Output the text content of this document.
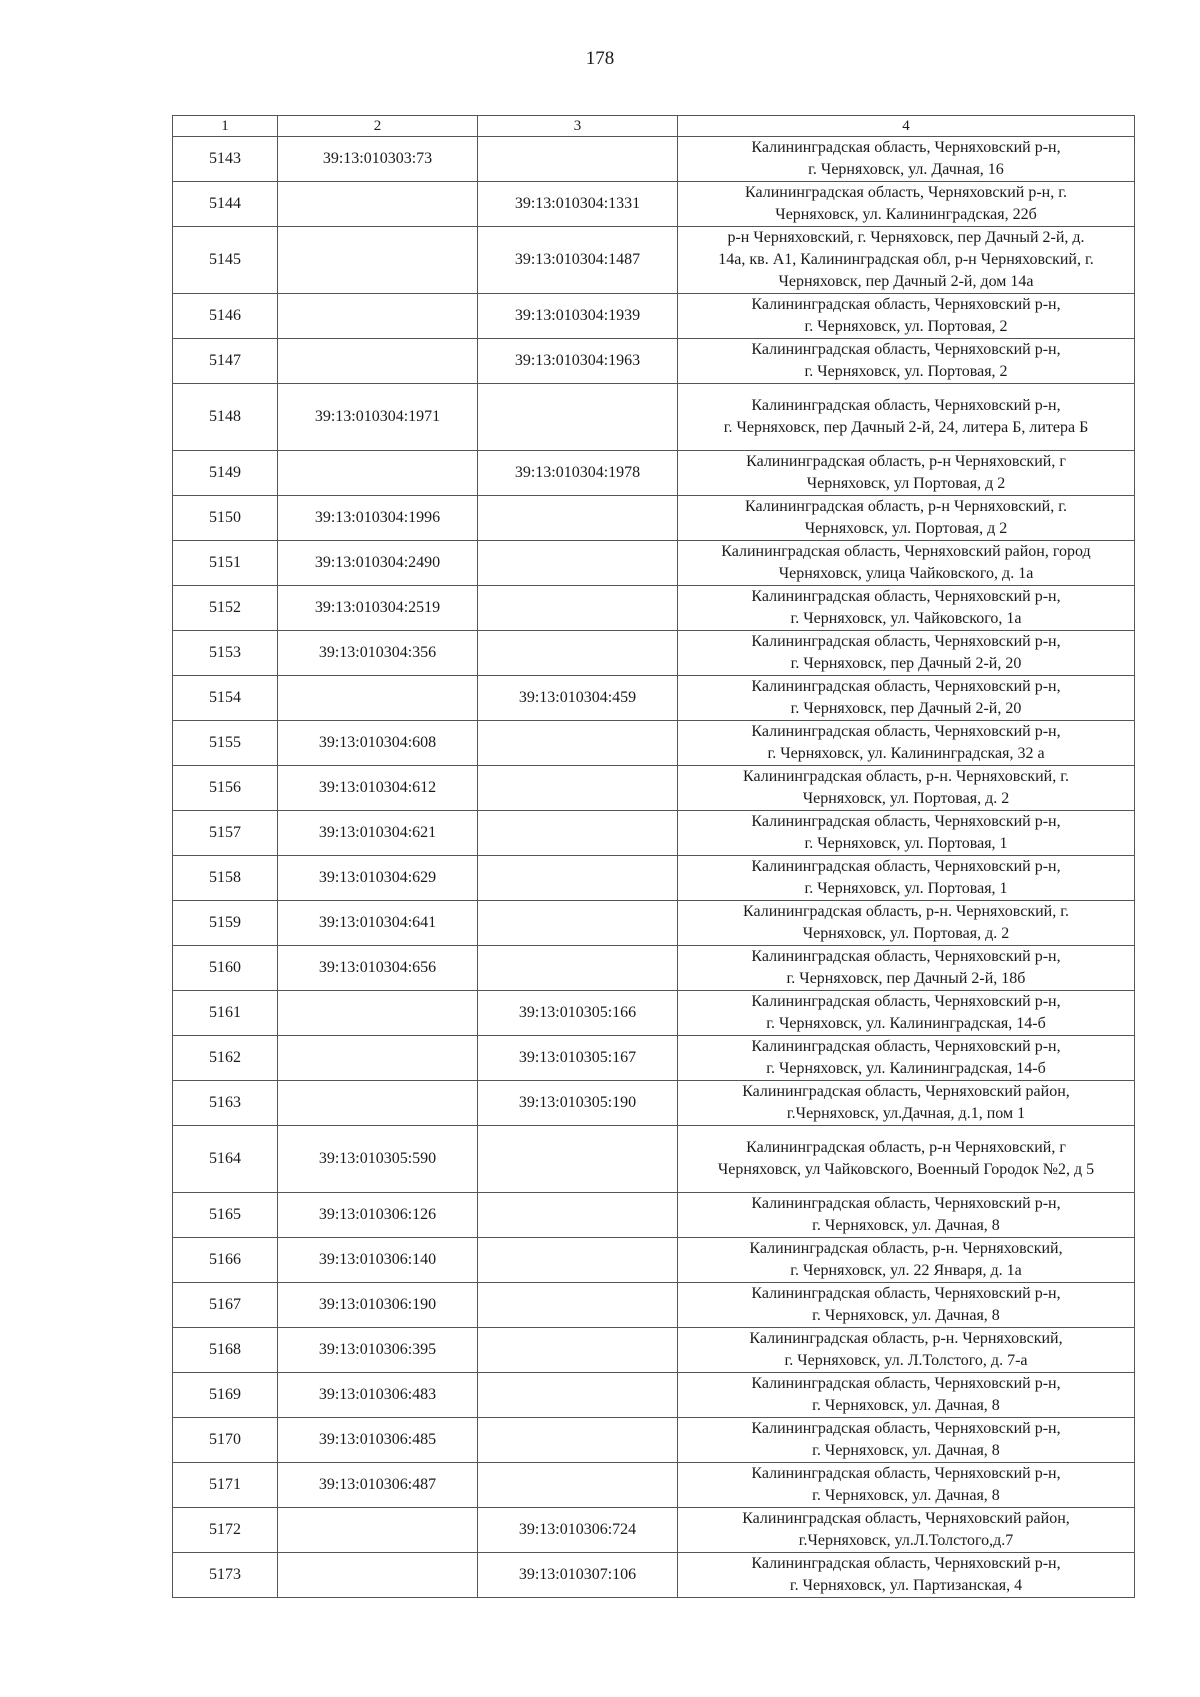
178
1	2	3	4
5143	39:13:010303:73		Калининградская область, Черняховский р-н,
г. Черняховск, ул. Дачная, 16
5144		39:13:010304:1331	Калининградская область, Черняховский р-н, г.
Черняховск, ул. Калининградская, 22б
5145		39:13:010304:1487	р-н Черняховский, г. Черняховск, пер Дачный 2-й, д.
14а, кв. А1, Калининградская обл, р-н Черняховский, г.
Черняховск, пер Дачный 2-й, дом 14а
5146		39:13:010304:1939	Калининградская область, Черняховский р-н,
г. Черняховск, ул. Портовая, 2
5147		39:13:010304:1963	Калининградская область, Черняховский р-н,
г. Черняховск, ул. Портовая, 2
5148	39:13:010304:1971		Калининградская область, Черняховский р-н,
г. Черняховск, пер Дачный 2-й, 24, литера Б, литера Б
5149		39:13:010304:1978	Калининградская область, р-н Черняховский, г
Черняховск, ул Портовая, д 2
5150	39:13:010304:1996		Калининградская область, р-н Черняховский, г.
Черняховск, ул. Портовая, д 2
5151	39:13:010304:2490		Калининградская область, Черняховский район, город
Черняховск, улица Чайковского, д. 1а
5152	39:13:010304:2519		Калининградская область, Черняховский р-н,
г. Черняховск, ул. Чайковского, 1а
5153	39:13:010304:356		Калининградская область, Черняховский р-н,
г. Черняховск, пер Дачный 2-й, 20
5154		39:13:010304:459	Калининградская область, Черняховский р-н,
г. Черняховск, пер Дачный 2-й, 20
5155	39:13:010304:608		Калининградская область, Черняховский р-н,
г. Черняховск, ул. Калининградская, 32 а
5156	39:13:010304:612		Калининградская область, р-н. Черняховский, г.
Черняховск, ул. Портовая, д. 2
5157	39:13:010304:621		Калининградская область, Черняховский р-н,
г. Черняховск, ул. Портовая, 1
5158	39:13:010304:629		Калининградская область, Черняховский р-н,
г. Черняховск, ул. Портовая, 1
5159	39:13:010304:641		Калининградская область, р-н. Черняховский, г.
Черняховск, ул. Портовая, д. 2
5160	39:13:010304:656		Калининградская область, Черняховский р-н,
г. Черняховск, пер Дачный 2-й, 18б
5161		39:13:010305:166	Калининградская область, Черняховский р-н,
г. Черняховск, ул. Калининградская, 14-б
5162		39:13:010305:167	Калининградская область, Черняховский р-н,
г. Черняховск, ул. Калининградская, 14-б
5163		39:13:010305:190	Калининградская область, Черняховский район,
г.Черняховск, ул.Дачная, д.1, пом 1
5164	39:13:010305:590		Калининградская область, р-н Черняховский, г
Черняховск, ул Чайковского, Военный Городок №2, д 5
5165	39:13:010306:126		Калининградская область, Черняховский р-н,
г. Черняховск, ул. Дачная, 8
5166	39:13:010306:140		Калининградская область, р-н. Черняховский,
г. Черняховск, ул. 22 Января, д. 1а
5167	39:13:010306:190		Калининградская область, Черняховский р-н,
г. Черняховск, ул. Дачная, 8
5168	39:13:010306:395		Калининградская область, р-н. Черняховский,
г. Черняховск, ул. Л.Толстого, д. 7-а
5169	39:13:010306:483		Калининградская область, Черняховский р-н,
г. Черняховск, ул. Дачная, 8
5170	39:13:010306:485		Калининградская область, Черняховский р-н,
г. Черняховск, ул. Дачная, 8
5171	39:13:010306:487		Калининградская область, Черняховский р-н,
г. Черняховск, ул. Дачная, 8
5172		39:13:010306:724	Калининградская область, Черняховский район,
г.Черняховск, ул.Л.Толстого,д.7
5173		39:13:010307:106	Калининградская область, Черняховский р-н,
г. Черняховск, ул. Партизанская, 4
